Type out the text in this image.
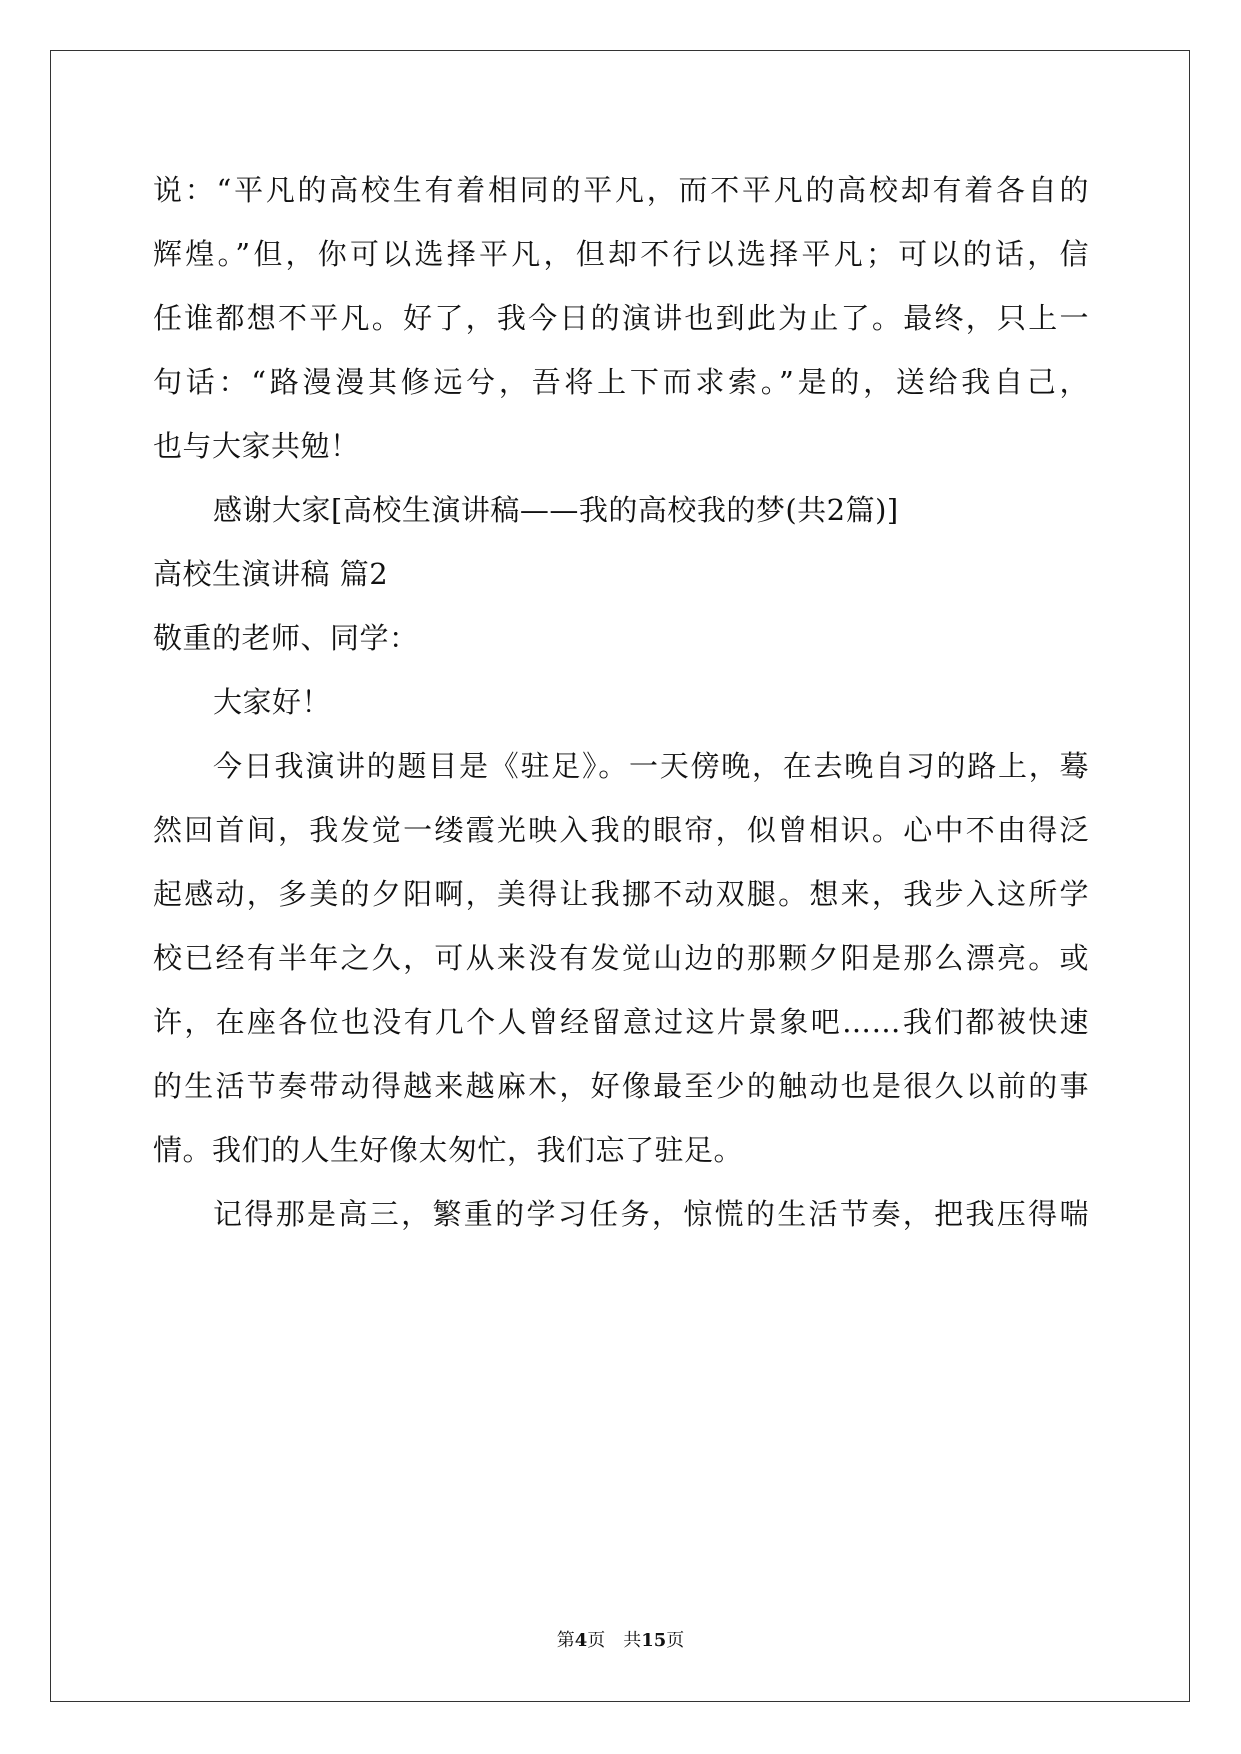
说：“平凡的高校生有着相同的平凡，而不平凡的高校却有着各自的
辉煌。”但，你可以选择平凡，但却不行以选择平凡；可以的话，信
任谁都想不平凡。好了，我今日的演讲也到此为止了。最终，只上一
句话：“路漫漫其修远兮，吾将上下而求索。”是的，送给我自己，
也与大家共勉！
感谢大家[高校生演讲稿——我的高校我的梦(共2篇)]
高校生演讲稿 篇2
敬重的老师、同学：
大家好！
今日我演讲的题目是《驻足》。一天傍晚，在去晚自习的路上，蓦
然回首间，我发觉一缕霞光映入我的眼帘，似曾相识。心中不由得泛
起感动，多美的夕阳啊，美得让我挪不动双腿。想来，我步入这所学
校已经有半年之久，可从来没有发觉山边的那颗夕阳是那么漂亮。或
许，在座各位也没有几个人曾经留意过这片景象吧……我们都被快速
的生活节奏带动得越来越麻木，好像最至少的触动也是很久以前的事
情。我们的人生好像太匆忙，我们忘了驻足。
记得那是高三，繁重的学习任务，惊慌的生活节奏，把我压得喘
第4页　共15页
